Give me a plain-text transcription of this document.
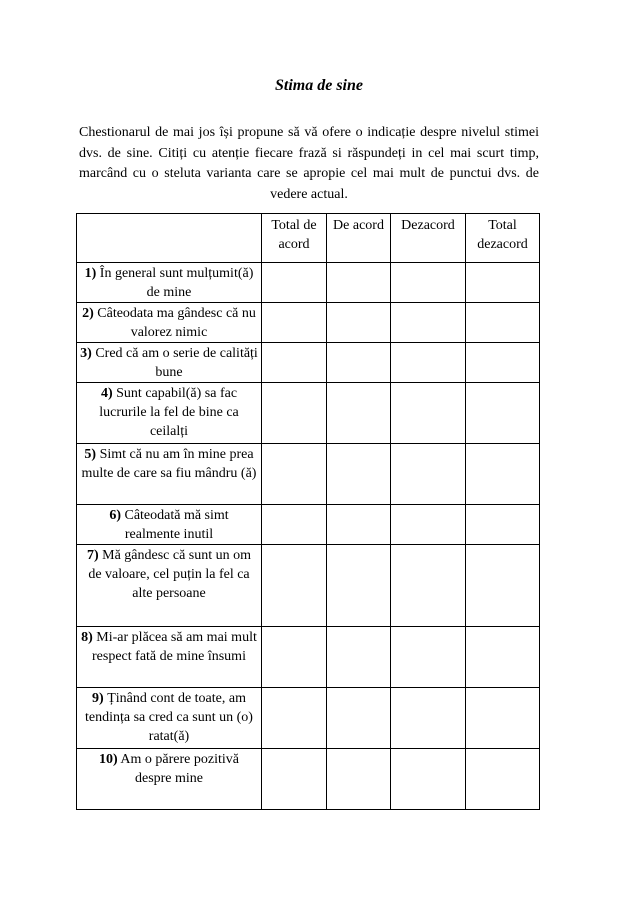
Stima de sine

Chestionarul de mai jos își propune să vă ofere o indicație despre nivelul stimei dvs. de sine. Citiți cu atenție fiecare frază si răspundeți in cel mai scurt timp, marcând cu o steluta varianta care se apropie cel mai mult de punctui dvs. de vedere actual.

	Total de acord	De acord	Dezacord	Total dezacord
1) În general sunt mulțumit(ă) de mine				
2) Câteodata ma gândesc că nu valorez nimic				
3) Cred că am o serie de calități bune				
4) Sunt capabil(ă) sa fac lucrurile la fel de bine ca ceilalți				
5) Simt că nu am în mine prea multe de care sa fiu mândru (ă)				
6) Câteodată mă simt realmente inutil				
7) Mă gândesc că sunt un om de valoare, cel puțin la fel ca alte persoane				
8) Mi-ar plăcea să am mai mult respect fată de mine însumi				
9) Ținând cont de toate, am tendința sa cred ca sunt un (o) ratat(ă)				
10) Am o părere pozitivă despre mine				
